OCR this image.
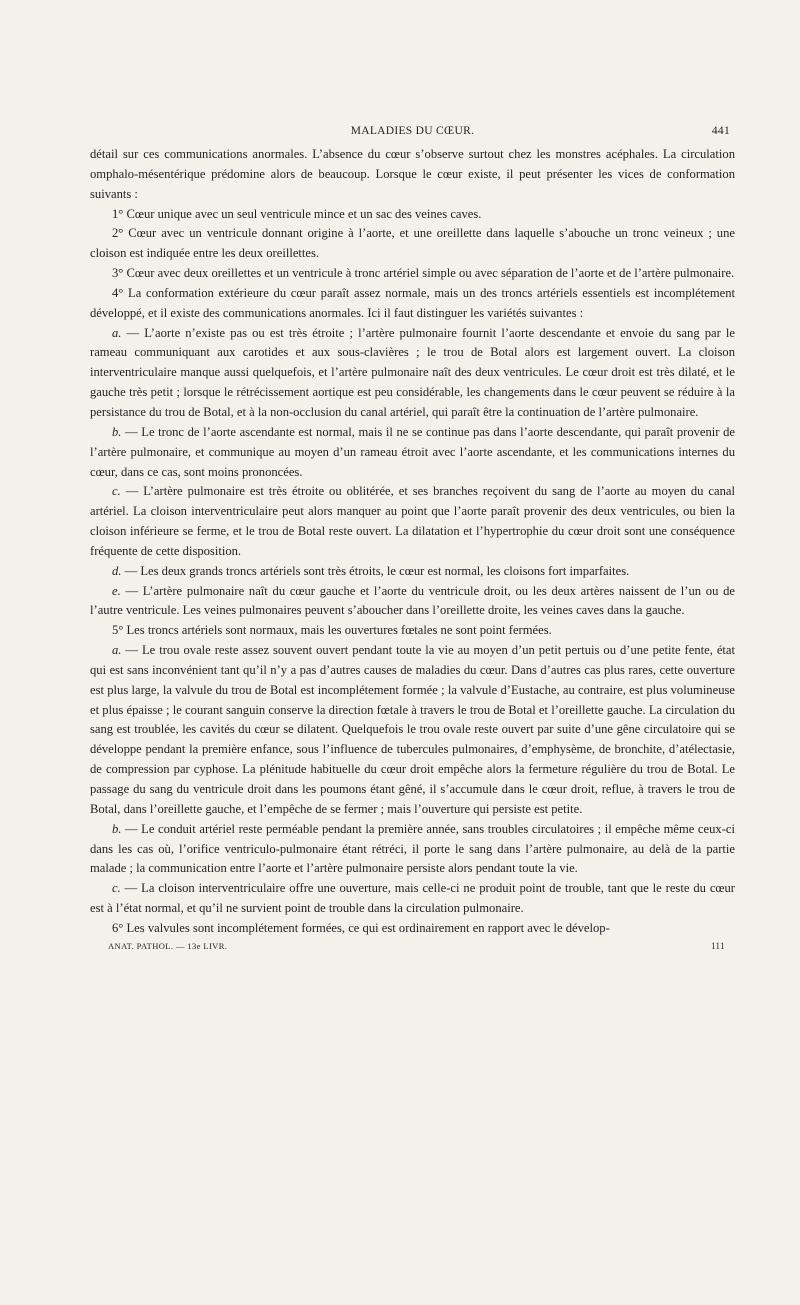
MALADIES DU CŒUR.	441

détail sur ces communications anormales. L’absence du cœur s’observe surtout chez les monstres acéphales. La circulation omphalo-mésentérique prédomine alors de beaucoup. Lorsque le cœur existe, il peut présenter les vices de conformation suivants :

1° Cœur unique avec un seul ventricule mince et un sac des veines caves.

2° Cœur avec un ventricule donnant origine à l’aorte, et une oreillette dans laquelle s’abouche un tronc veineux ; une cloison est indiquée entre les deux oreillettes.

3° Cœur avec deux oreillettes et un ventricule à tronc artériel simple ou avec séparation de l’aorte et de l’artère pulmonaire.

4° La conformation extérieure du cœur paraît assez normale, mais un des troncs artériels essentiels est incomplétement développé, et il existe des communications anormales. Ici il faut distinguer les variétés suivantes :

a. — L’aorte n’existe pas ou est très étroite ; l’artère pulmonaire fournit l’aorte descendante et envoie du sang par le rameau communiquant aux carotides et aux sous-clavières ; le trou de Botal alors est largement ouvert. La cloison interventriculaire manque aussi quelquefois, et l’artère pulmonaire naît des deux ventricules. Le cœur droit est très dilaté, et le gauche très petit ; lorsque le rétrécissement aortique est peu considérable, les changements dans le cœur peuvent se réduire à la persistance du trou de Botal, et à la non-occlusion du canal artériel, qui paraît être la continuation de l’artère pulmonaire.

b. — Le tronc de l’aorte ascendante est normal, mais il ne se continue pas dans l’aorte descendante, qui paraît provenir de l’artère pulmonaire, et communique au moyen d’un rameau étroit avec l’aorte ascendante, et les communications internes du cœur, dans ce cas, sont moins prononcées.

c. — L’artère pulmonaire est très étroite ou oblitérée, et ses branches reçoivent du sang de l’aorte au moyen du canal artériel. La cloison interventriculaire peut alors manquer au point que l’aorte paraît provenir des deux ventricules, ou bien la cloison inférieure se ferme, et le trou de Botal reste ouvert. La dilatation et l’hypertrophie du cœur droit sont une conséquence fréquente de cette disposition.

d. — Les deux grands troncs artériels sont très étroits, le cœur est normal, les cloisons fort imparfaites.

e. — L’artère pulmonaire naît du cœur gauche et l’aorte du ventricule droit, ou les deux artères naissent de l’un ou de l’autre ventricule. Les veines pulmonaires peuvent s’aboucher dans l’oreillette droite, les veines caves dans la gauche.

5° Les troncs artériels sont normaux, mais les ouvertures fœtales ne sont point fermées.

a. — Le trou ovale reste assez souvent ouvert pendant toute la vie au moyen d’un petit pertuis ou d’une petite fente, état qui est sans inconvénient tant qu’il n’y a pas d’autres causes de maladies du cœur. Dans d’autres cas plus rares, cette ouverture est plus large, la valvule du trou de Botal est incomplétement formée ; la valvule d’Eustache, au contraire, est plus volumineuse et plus épaisse ; le courant sanguin conserve la direction fœtale à travers le trou de Botal et l’oreillette gauche. La circulation du sang est troublée, les cavités du cœur se dilatent. Quelquefois le trou ovale reste ouvert par suite d’une gêne circulatoire qui se développe pendant la première enfance, sous l’influence de tubercules pulmonaires, d’emphysème, de bronchite, d’atélectasie, de compression par cyphose. La plénitude habituelle du cœur droit empêche alors la fermeture régulière du trou de Botal. Le passage du sang du ventricule droit dans les poumons étant gêné, il s’accumule dans le cœur droit, reflue, à travers le trou de Botal, dans l’oreillette gauche, et l’empêche de se fermer ; mais l’ouverture qui persiste est petite.

b. — Le conduit artériel reste perméable pendant la première année, sans troubles circulatoires ; il empêche même ceux-ci dans les cas où, l’orifice ventriculo-pulmonaire étant rétréci, il porte le sang dans l’artère pulmonaire, au delà de la partie malade ; la communication entre l’aorte et l’artère pulmonaire persiste alors pendant toute la vie.

c. — La cloison interventriculaire offre une ouverture, mais celle-ci ne produit point de trouble, tant que le reste du cœur est à l’état normal, et qu’il ne survient point de trouble dans la circulation pulmonaire.

6° Les valvules sont incomplétement formées, ce qui est ordinairement en rapport avec le dévelop-

ANAT. PATHOL. — 13e LIVR.	111
